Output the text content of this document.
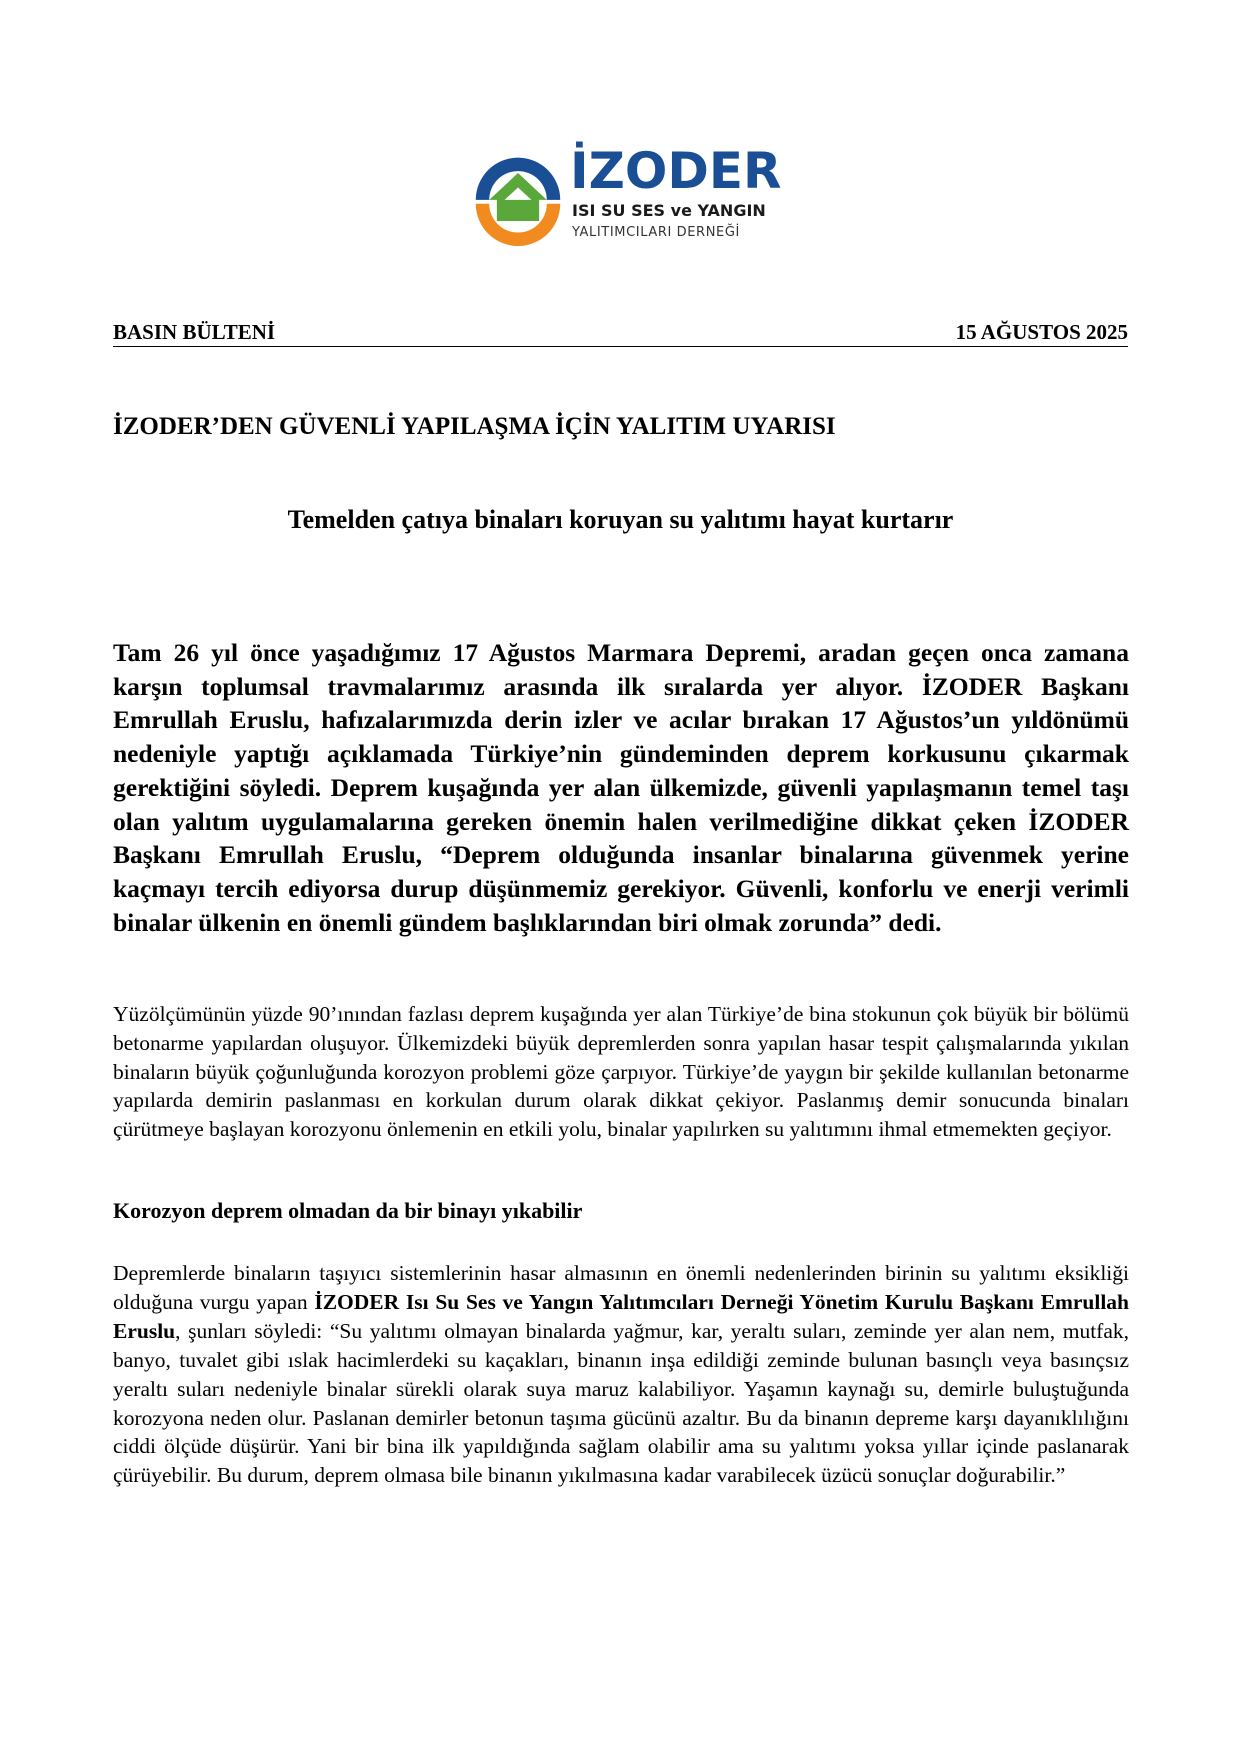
İZODER
ISI SU SES ve YANGIN
YALITIMCILARI DERNEĞİ
BASIN BÜLTENİ	15 AĞUSTOS 2025
İZODER’DEN GÜVENLİ YAPILAŞMA İÇİN YALITIM UYARISI
Temelden çatıya binaları koruyan su yalıtımı hayat kurtarır

Tam 26 yıl önce yaşadığımız 17 Ağustos Marmara Depremi, aradan geçen onca zamana karşın toplumsal travmalarımız arasında ilk sıralarda yer alıyor. İZODER Başkanı Emrullah Eruslu, hafızalarımızda derin izler ve acılar bırakan 17 Ağustos’un yıldönümü nedeniyle yaptığı açıklamada Türkiye’nin gündeminden deprem korkusunu çıkarmak gerektiğini söyledi. Deprem kuşağında yer alan ülkemizde, güvenli yapılaşmanın temel taşı olan yalıtım uygulamalarına gereken önemin halen verilmediğine dikkat çeken İZODER Başkanı Emrullah Eruslu, “Deprem olduğunda insanlar binalarına güvenmek yerine kaçmayı tercih ediyorsa durup düşünmemiz gerekiyor. Güvenli, konforlu ve enerji verimli binalar ülkenin en önemli gündem başlıklarından biri olmak zorunda” dedi.

Yüzölçümünün yüzde 90’ınından fazlası deprem kuşağında yer alan Türkiye’de bina stokunun çok büyük bir bölümü betonarme yapılardan oluşuyor. Ülkemizdeki büyük depremlerden sonra yapılan hasar tespit çalışmalarında yıkılan binaların büyük çoğunluğunda korozyon problemi göze çarpıyor. Türkiye’de yaygın bir şekilde kullanılan betonarme yapılarda demirin paslanması en korkulan durum olarak dikkat çekiyor. Paslanmış demir sonucunda binaları çürütmeye başlayan korozyonu önlemenin en etkili yolu, binalar yapılırken su yalıtımını ihmal etmemekten geçiyor.

Korozyon deprem olmadan da bir binayı yıkabilir

Depremlerde binaların taşıyıcı sistemlerinin hasar almasının en önemli nedenlerinden birinin su yalıtımı eksikliği olduğuna vurgu yapan İZODER Isı Su Ses ve Yangın Yalıtımcıları Derneği Yönetim Kurulu Başkanı Emrullah Eruslu, şunları söyledi: “Su yalıtımı olmayan binalarda yağmur, kar, yeraltı suları, zeminde yer alan nem, mutfak, banyo, tuvalet gibi ıslak hacimlerdeki su kaçakları, binanın inşa edildiği zeminde bulunan basınçlı veya basınçsız yeraltı suları nedeniyle binalar sürekli olarak suya maruz kalabiliyor. Yaşamın kaynağı su, demirle buluştuğunda korozyona neden olur. Paslanan demirler betonun taşıma gücünü azaltır. Bu da binanın depreme karşı dayanıklılığını ciddi ölçüde düşürür. Yani bir bina ilk yapıldığında sağlam olabilir ama su yalıtımı yoksa yıllar içinde paslanarak çürüyebilir. Bu durum, deprem olmasa bile binanın yıkılmasına kadar varabilecek üzücü sonuçlar doğurabilir.”
